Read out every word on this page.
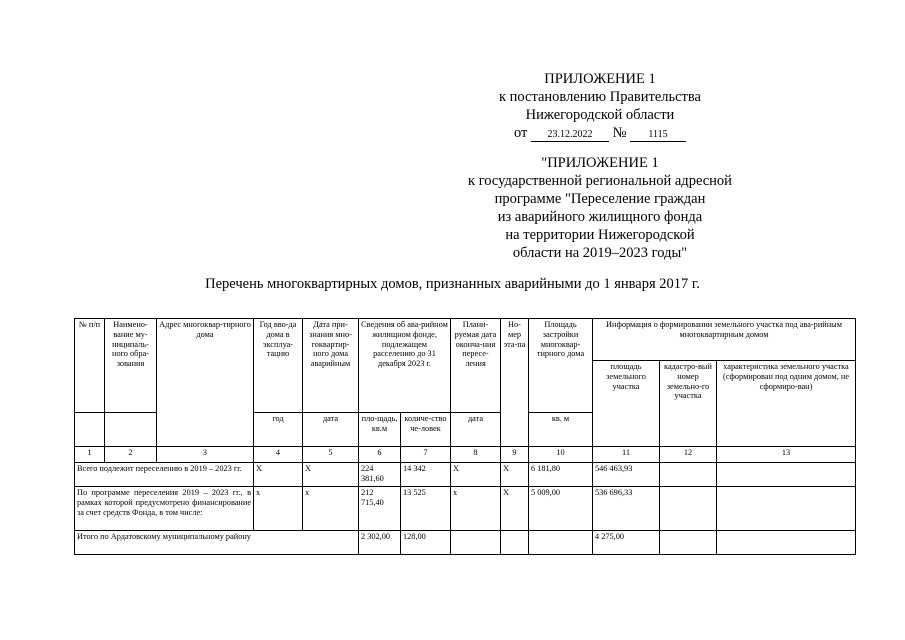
ПРИЛОЖЕНИЕ 1
к постановлению Правительства
Нижегородской области
от 23.12.2022 № 1115
"ПРИЛОЖЕНИЕ 1
к государственной региональной адресной
программе "Переселение граждан
из аварийного жилищного фонда
на территории Нижегородской
области на 2019–2023 годы"
Перечень многоквартирных домов, признанных аварийными до 1 января 2017 г.
№ п/п	Наимено-вание му-ниципаль-ного обра-зования	Адрес многоквар-тирного дома	Год вво-да дома в эксплуа-тацию	Дата при-знания мно-гоквартир-ного дома аварийным	Сведения об ава-рийном жилищном фонде, подлежащем расселению до 31 декабря 2023 г.		Плани-руемая дата оконча-ния пересе-ления	Но-мер эта-па	Площадь застройки многоквар-тирного дома	Информация о формировании земельного участка под ава-рийным многоквартирным домом		
										площадь земельного участка	кадастро-вый номер земельно-го участка	характеристика земельного участка (сформирован под одним домом, не сформиро-ван)
			год	дата	пло-щадь, кв.м	количе-ство че-ловек	дата		кв. м			
1	2	3	4	5	6	7	8	9	10	11	12	13
Всего подлежит переселению в 2019 – 2023 гг.			X	X	224 381,60	14 342	X	X	6 181,80	546 463,93		
По программе переселения 2019 – 2023 гг., в рамках которой предусмотрено финансирование за счет средств Фонда, в том числе:			x	x	212 715,40	13 525	x	X	5 009,00	536 696,33		
Итого по Ардатовскому муниципальному району					2 302,00	128,00				4 275,00		
